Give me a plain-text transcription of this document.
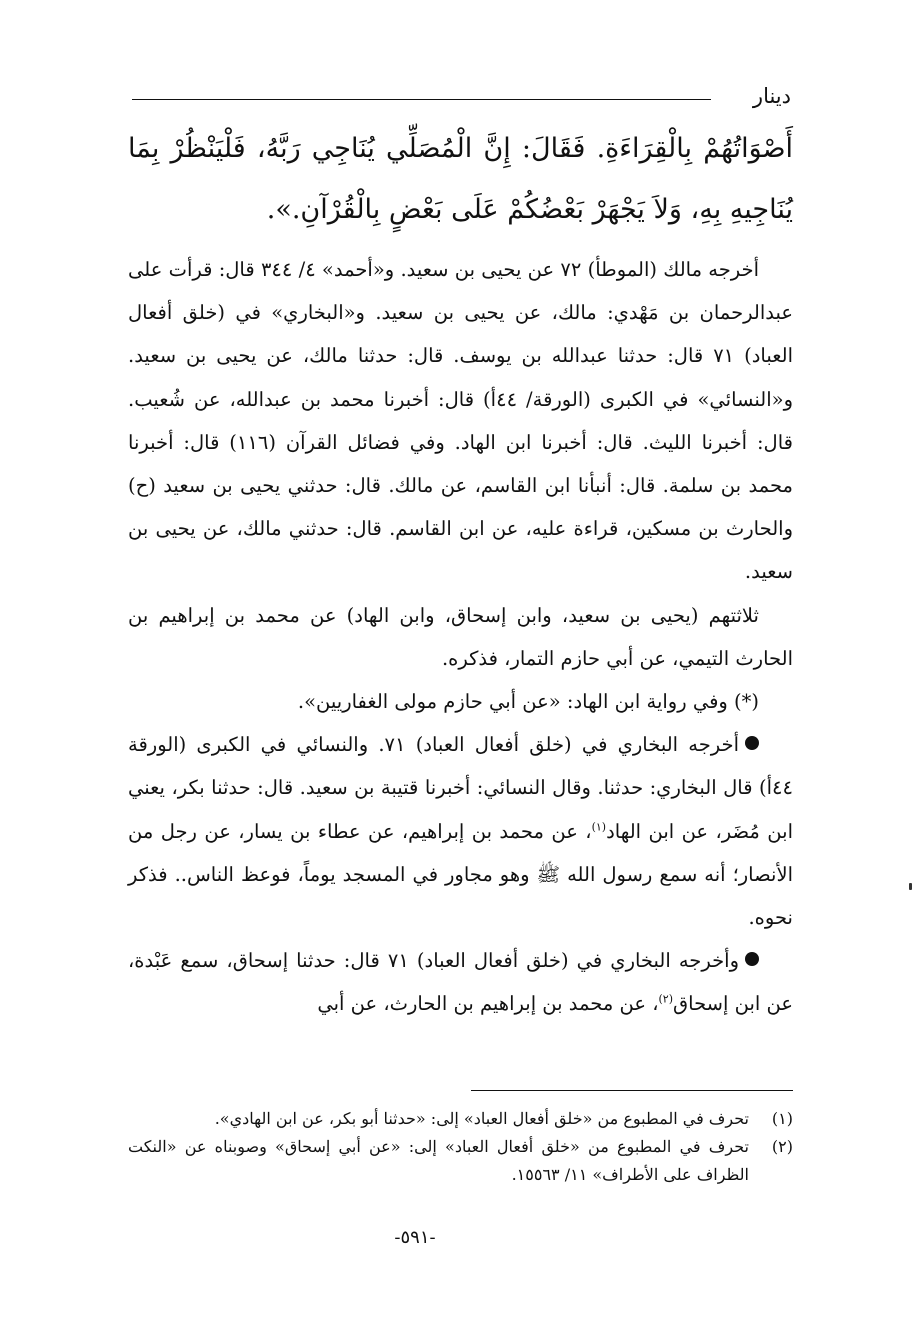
دينار

أَصْوَاتُهُمْ بِالْقِرَاءَةِ. فَقَالَ: إِنَّ الْمُصَلِّي يُنَاجِي رَبَّهُ، فَلْيَنْظُرْ بِمَا يُنَاجِيهِ بِهِ، وَلاَ يَجْهَرْ بَعْضُكُمْ عَلَى بَعْضٍ بِالْقُرْآنِ.».

أخرجه مالك (الموطأ) ٧٢ عن يحيى بن سعيد. و«أحمد» ٤/ ٣٤٤ قال: قرأت على عبدالرحمان بن مَهْدي: مالك، عن يحيى بن سعيد. و«البخاري» في (خلق أفعال العباد) ٧١ قال: حدثنا عبدالله بن يوسف. قال: حدثنا مالك، عن يحيى بن سعيد. و«النسائي» في الكبرى (الورقة/ ٤٤أ) قال: أخبرنا محمد بن عبدالله، عن شُعيب. قال: أخبرنا الليث. قال: أخبرنا ابن الهاد. وفي فضائل القرآن (١١٦) قال: أخبرنا محمد بن سلمة. قال: أنبأنا ابن القاسم، عن مالك. قال: حدثني يحيى بن سعيد (ح) والحارث بن مسكين، قراءة عليه، عن ابن القاسم. قال: حدثني مالك، عن يحيى بن سعيد.

ثلاثتهم (يحيى بن سعيد، وابن إسحاق، وابن الهاد) عن محمد بن إبراهيم بن الحارث التيمي، عن أبي حازم التمار، فذكره.

(*) وفي رواية ابن الهاد: «عن أبي حازم مولى الغفاريين».

أخرجه البخاري في (خلق أفعال العباد) ٧١. والنسائي في الكبرى (الورقة ٤٤أ) قال البخاري: حدثنا. وقال النسائي: أخبرنا قتيبة بن سعيد. قال: حدثنا بكر، يعني ابن مُضَر، عن ابن الهاد$^{(١)}$، عن محمد بن إبراهيم، عن عطاء بن يسار، عن رجل من الأنصار؛ أنه سمع رسول الله ﷺ وهو مجاور في المسجد يوماً، فوعظ الناس.. فذكر نحوه.

وأخرجه البخاري في (خلق أفعال العباد) ٧١ قال: حدثنا إسحاق، سمع عَبْدة، عن ابن إسحاق$^{(٢)}$، عن محمد بن إبراهيم بن الحارث، عن أبي

(١)
تحرف في المطبوع من «خلق أفعال العباد» إلى: «حدثنا أبو بكر، عن ابن الهادي».

(٢)
تحرف في المطبوع من «خلق أفعال العباد» إلى: «عن أبي إسحاق» وصوبناه عن «النكت الظراف على الأطراف» ١١/ ١٥٥٦٣.

-٥٩١-
